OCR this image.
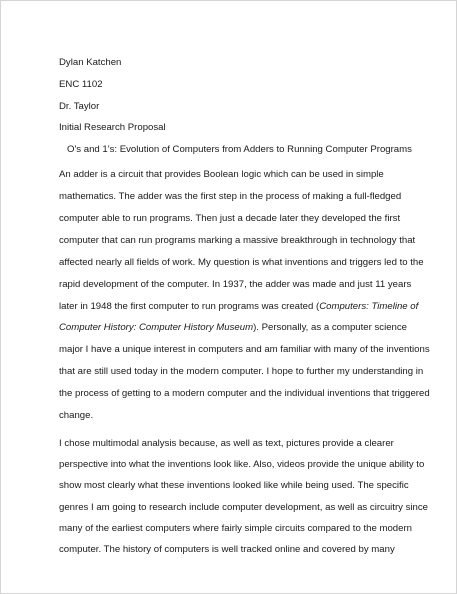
Dylan Katchen
ENC 1102
Dr. Taylor
Initial Research Proposal
O's and 1's: Evolution of Computers from Adders to Running Computer Programs
An adder is a circuit that provides Boolean logic which can be used in simple
mathematics. The adder was the first step in the process of making a full-fledged
computer able to run programs. Then just a decade later they developed the first
computer that can run programs marking a massive breakthrough in technology that
affected nearly all fields of work. My question is what inventions and triggers led to the
rapid development of the computer. In 1937, the adder was made and just 11 years
later in 1948 the first computer to run programs was created (Computers: Timeline of
Computer History: Computer History Museum). Personally, as a computer science
major I have a unique interest in computers and am familiar with many of the inventions
that are still used today in the modern computer. I hope to further my understanding in
the process of getting to a modern computer and the individual inventions that triggered
change.
I chose multimodal analysis because, as well as text, pictures provide a clearer
perspective into what the inventions look like. Also, videos provide the unique ability to
show most clearly what these inventions looked like while being used. The specific
genres I am going to research include computer development, as well as circuitry since
many of the earliest computers where fairly simple circuits compared to the modern
computer. The history of computers is well tracked online and covered by many
